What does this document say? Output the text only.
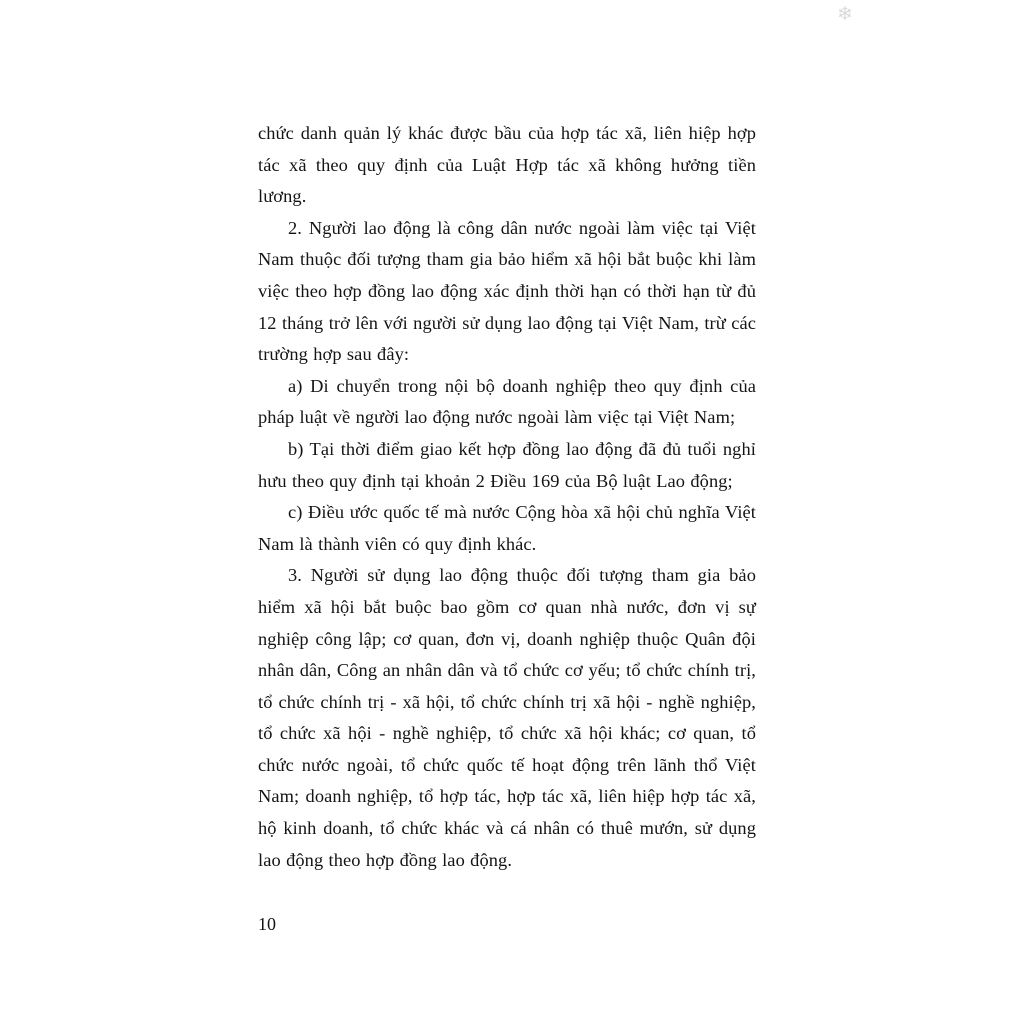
❄

chức danh quản lý khác được bầu của hợp tác xã, liên hiệp hợp tác xã theo quy định của Luật Hợp tác xã không hưởng tiền lương.

2. Người lao động là công dân nước ngoài làm việc tại Việt Nam thuộc đối tượng tham gia bảo hiểm xã hội bắt buộc khi làm việc theo hợp đồng lao động xác định thời hạn có thời hạn từ đủ 12 tháng trở lên với người sử dụng lao động tại Việt Nam, trừ các trường hợp sau đây:

a) Di chuyển trong nội bộ doanh nghiệp theo quy định của pháp luật về người lao động nước ngoài làm việc tại Việt Nam;

b) Tại thời điểm giao kết hợp đồng lao động đã đủ tuổi nghỉ hưu theo quy định tại khoản 2 Điều 169 của Bộ luật Lao động;

c) Điều ước quốc tế mà nước Cộng hòa xã hội chủ nghĩa Việt Nam là thành viên có quy định khác.

3. Người sử dụng lao động thuộc đối tượng tham gia bảo hiểm xã hội bắt buộc bao gồm cơ quan nhà nước, đơn vị sự nghiệp công lập; cơ quan, đơn vị, doanh nghiệp thuộc Quân đội nhân dân, Công an nhân dân và tổ chức cơ yếu; tổ chức chính trị, tổ chức chính trị - xã hội, tổ chức chính trị xã hội - nghề nghiệp, tổ chức xã hội - nghề nghiệp, tổ chức xã hội khác; cơ quan, tổ chức nước ngoài, tổ chức quốc tế hoạt động trên lãnh thổ Việt Nam; doanh nghiệp, tổ hợp tác, hợp tác xã, liên hiệp hợp tác xã, hộ kinh doanh, tổ chức khác và cá nhân có thuê mướn, sử dụng lao động theo hợp đồng lao động.

10
